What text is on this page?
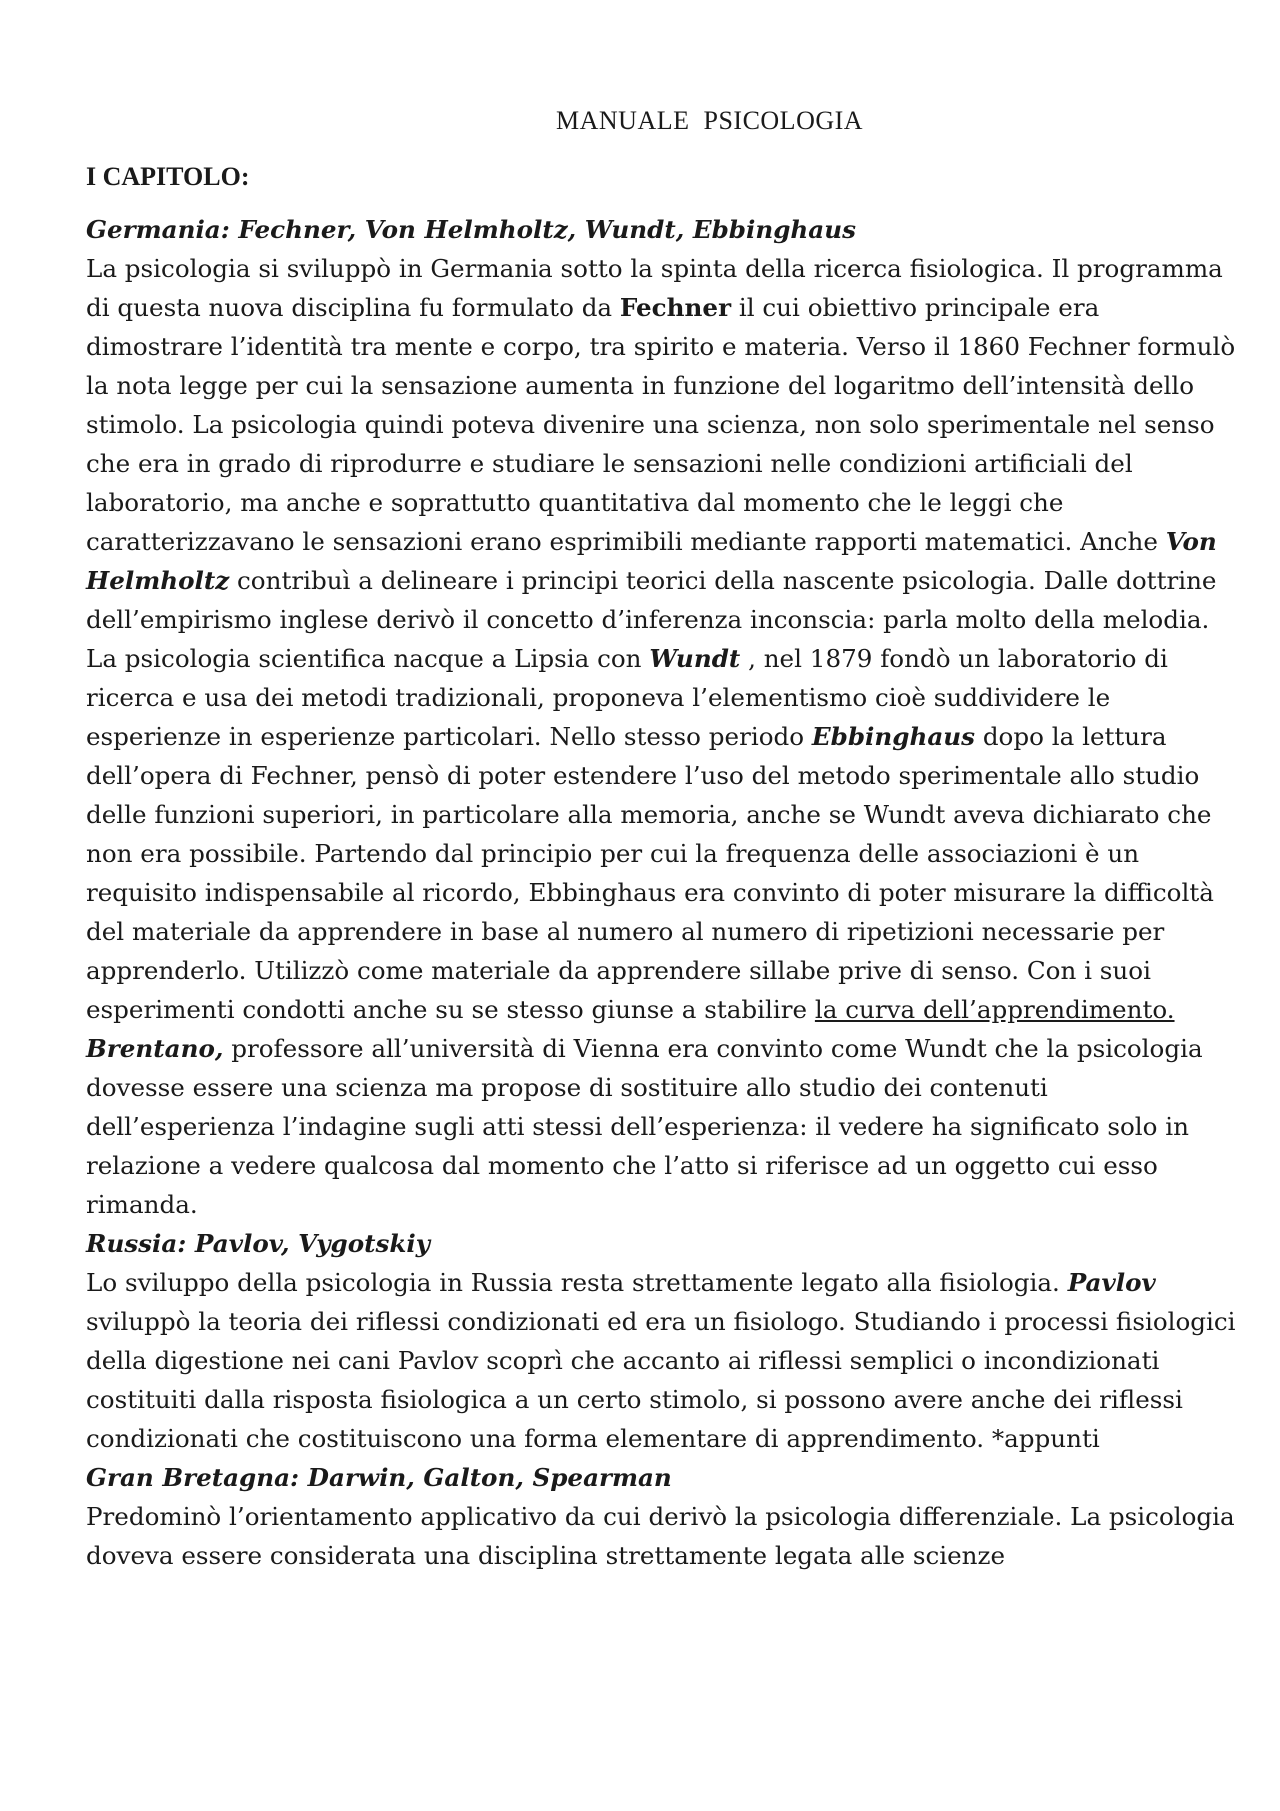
MANUALE  PSICOLOGIA
I CAPITOLO:

Germania: Fechner, Von Helmholtz, Wundt, Ebbinghaus

La psicologia si sviluppò in Germania sotto la spinta della ricerca fisiologica. Il programma di questa nuova disciplina fu formulato da Fechner il cui obiettivo principale era dimostrare l’identità tra mente e corpo, tra spirito e materia. Verso il 1860 Fechner formulò la nota legge per cui la sensazione aumenta in funzione del logaritmo dell’intensità dello stimolo. La psicologia quindi poteva divenire una scienza, non solo sperimentale nel senso che era in grado di riprodurre e studiare le sensazioni nelle condizioni artificiali del laboratorio, ma anche e soprattutto quantitativa dal momento che le leggi che caratterizzavano le sensazioni erano esprimibili mediante rapporti matematici. Anche Von Helmholtz contribuì a delineare i principi teorici della nascente psicologia. Dalle dottrine dell’empirismo inglese derivò il concetto d’inferenza inconscia: parla molto della melodia.

La psicologia scientifica nacque a Lipsia con Wundt , nel 1879 fondò un laboratorio di ricerca e usa dei metodi tradizionali, proponeva l’elementismo cioè suddividere le esperienze in esperienze particolari. Nello stesso periodo Ebbinghaus dopo la lettura dell’opera di Fechner, pensò di poter estendere l’uso del metodo sperimentale allo studio delle funzioni superiori, in particolare alla memoria, anche se Wundt aveva dichiarato che non era possibile. Partendo dal principio per cui la frequenza delle associazioni è un requisito indispensabile al ricordo, Ebbinghaus era convinto di poter misurare la difficoltà del materiale da apprendere in base al numero al numero di ripetizioni necessarie per apprenderlo. Utilizzò come materiale da apprendere sillabe prive di senso. Con i suoi esperimenti condotti anche su se stesso giunse a stabilire la curva dell’apprendimento. Brentano, professore all’università di Vienna era convinto come Wundt che la psicologia dovesse essere una scienza ma propose di sostituire allo studio dei contenuti dell’esperienza l’indagine sugli atti stessi dell’esperienza: il vedere ha significato solo in relazione a vedere qualcosa dal momento che l’atto si riferisce ad un oggetto cui esso rimanda.

Russia: Pavlov, Vygotskiy

Lo sviluppo della psicologia in Russia resta strettamente legato alla fisiologia. Pavlov sviluppò la teoria dei riflessi condizionati ed era un fisiologo. Studiando i processi fisiologici della digestione nei cani Pavlov scoprì che accanto ai riflessi semplici o incondizionati costituiti dalla risposta fisiologica a un certo stimolo, si possono avere anche dei riflessi condizionati che costituiscono una forma elementare di apprendimento. *appunti

Gran Bretagna: Darwin, Galton, Spearman

Predominò l’orientamento applicativo da cui derivò la psicologia differenziale. La psicologia doveva essere considerata una disciplina strettamente legata alle scienze
